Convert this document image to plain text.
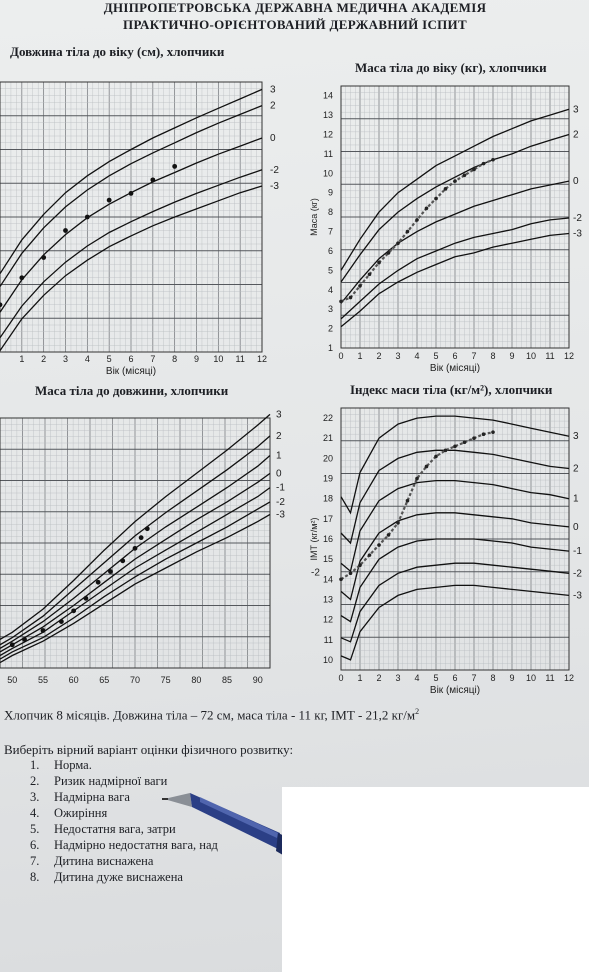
ДНІПРОПЕТРОВСЬКА ДЕРЖАВНА МЕДИЧНА АКАДЕМІЯ
ПРАКТИЧНО-ОРІЄНТОВАНИЙ ДЕРЖАВНИЙ ІСПИТ
Довжина тіла до віку (см), хлопчики
1 2 3 4 5 6 7 8 9 10 11 12
Вік (місяці)
3
2
0
-2
-3
Маса тіла до віку (кг), хлопчики
0 1 2 3 4 5 6 7 8 9 10 11 12
1
2
3
4
5
6
7
8
9
10
11
12
13
14
Маса (кг)
Вік (місяці)
3
2
0
-2
-3
Маса тіла до довжини, хлопчики
50 55 60 65 70 75 80 85 90
3
2
1
0
-1
-2
-3
Індекс маси тіла (кг/м²), хлопчики
0 1 2 3 4 5 6 7 8 9 10 11 12
10
11
12
13
14
15
16
17
18
19
20
21
22
ІМТ (кг/м²)
Вік (місяці)
3
2
1
0
-1
-2
-3
-2
Хлопчик 8 місяців. Довжина тіла – 72 см, маса тіла - 11 кг, ІМТ - 21,2 $кг/м^2$
Виберіть вірний варіант оцінки фізичного розвитку:
1. Норма.
2. Ризик надмірної ваги
3. Надмірна вага
4. Ожиріння
5. Недостатня вага, затри
6. Надмірно недостатня вага, над
7. Дитина виснажена
8. Дитина дуже виснажена
